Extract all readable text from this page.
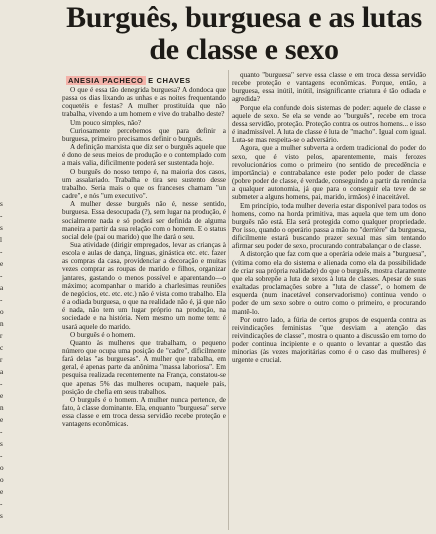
Burguês, burguesa e as lutas de classe e sexo
ANESIA PACHECO E CHAVES
s
-
s
l
-
e
-
a
-
o
n
r
c
r
a
-
e
n
e
-
s
-
o
o
e
-
s

O que é essa tão denegrida burguesa? A dondoca que passa os dias lixando as unhas e as noites frequentando coquetéis e festas? A mulher prostituída que não trabalha, vivendo a um homem e vive do trabalho deste?

Um pouco simples, não?

Curiosamente percebemos que para definir a burguesa, primeiro precisamos definir o burguês.

A definição marxista que diz ser o burguês aquele que é dono de seus meios de produção e o contemplado com a mais valia, dificilmente poderá ser sustentada hoje.

O burguês do nosso tempo é, na maioria dos casos, um assalariado. Trabalha e tira seu sustento desse trabalho. Seria mais o que os franceses chamam "un cadre", e nós "um executivo".

A mulher desse burguês não é, nesse sentido, burguesa. Essa desocupada (?), sem lugar na produção, é socialmente nada e só poderá ser definida de alguma maneira a partir da sua relação com o homem. E o status social dele (pai ou marido) que lhe dará o seu.

Sua atividade (dirigir empregados, levar as crianças à escola e aulas de dança, línguas, ginástica etc. etc. fazer as compras da casa, providenciar a decoração e muitas vezes comprar as roupas de marido e filhos, organizar jantares, gastando o menos possível e aparentando—o máximo; acompanhar o marido a charlesimas reuniões de negócios, etc. etc. etc.) não é vista como trabalho. Ela é a odiada burguesa, o que na realidade não é, já que não é nada, não tem um lugar próprio na produção, na sociedade e na história. Nem mesmo um nome tem: é usará aquele do marido.

O burguês é o homem.

Quanto às mulheres que trabalham, o pequeno número que ocupa uma posição de "cadre", dificilmente fará delas "as burguesas". A mulher que trabalha, em geral, é apenas parte da anônima "massa laboriosa". Em pesquisa realizada recentemente na França, constatou-se que apenas 5% das mulheres ocupam, naquele país, posição de chefia em seus trabalhos.

O burguês é o homem. A mulher nunca pertence, de fato, à classe dominante. Ela, enquanto "burguesa" serve essa classe e em troca dessa servidão recebe proteção e vantagens econômicas.

quanto "burguesa" serve essa classe e em troca dessa servidão recebe proteção e vantagens econômicas. Porque, então, a burguesa, essa inútil, inútil, insignificante criatura é tão odiada e agredida?

Porque ela confunde dois sistemas de poder: aquele de classe e aquele de sexo. Se ela se vende ao "burguês", recebe em troca dessa servidão, proteção. Proteção contra os outros homens... e isso é inadmissível. A luta de classe é luta de "macho". Igual com igual. Luta-se mas respeita-se o adversário.

Agora, que a mulher subverta a ordem tradicional do poder do sexo, que é visto pelos, aparentemente, mais ferozes revolucionários como o primeiro (no sentido de precedência e importância) e contrabalance este poder pelo poder de classe (pobre poder de classe, é verdade, conseguindo a partir da renúncia a qualquer autonomia, já que para o conseguir ela teve de se submeter a alguns homens, pai, marido, irmãos) é inaceitável.

Em princípio, toda mulher deveria estar disponível para todos os homens, como na horda primitiva, mas aquela que tem um dono burguês não está. Ela será protegida como qualquer propriedade. Por isso, quando o operário passa a mão no "derrière" da burguesa, dificilmente estará buscando prazer sexual mas sim tentando afirmar seu poder de sexo, procurando contrabalançar o de classe.

A distorção que faz com que a operária odeie mais a "burguesa", (vítima como ela do sistema e alienada como ela da possibilidade de criar sua própria realidade) do que o burguês, mostra claramente que ela sobrepõe a luta de sexos à luta de classes. Apesar de suas exaltadas proclamações sobre a "luta de classe", o homem de esquerda (num inacetável conservadorismo) continua vendo o poder de um sexo sobre o outro como o primeiro, e procurando mantê-lo.

Por outro lado, a fúria de certos grupos de esquerda contra as reivindicações feministas "que desviam a atenção das reivindicações de classe", mostra o quanto a discussão em torno do poder continua incipiente e o quanto o levantar a questão das minorias (às vezes majoritárias como é o caso das mulheres) é urgente e crucial.
